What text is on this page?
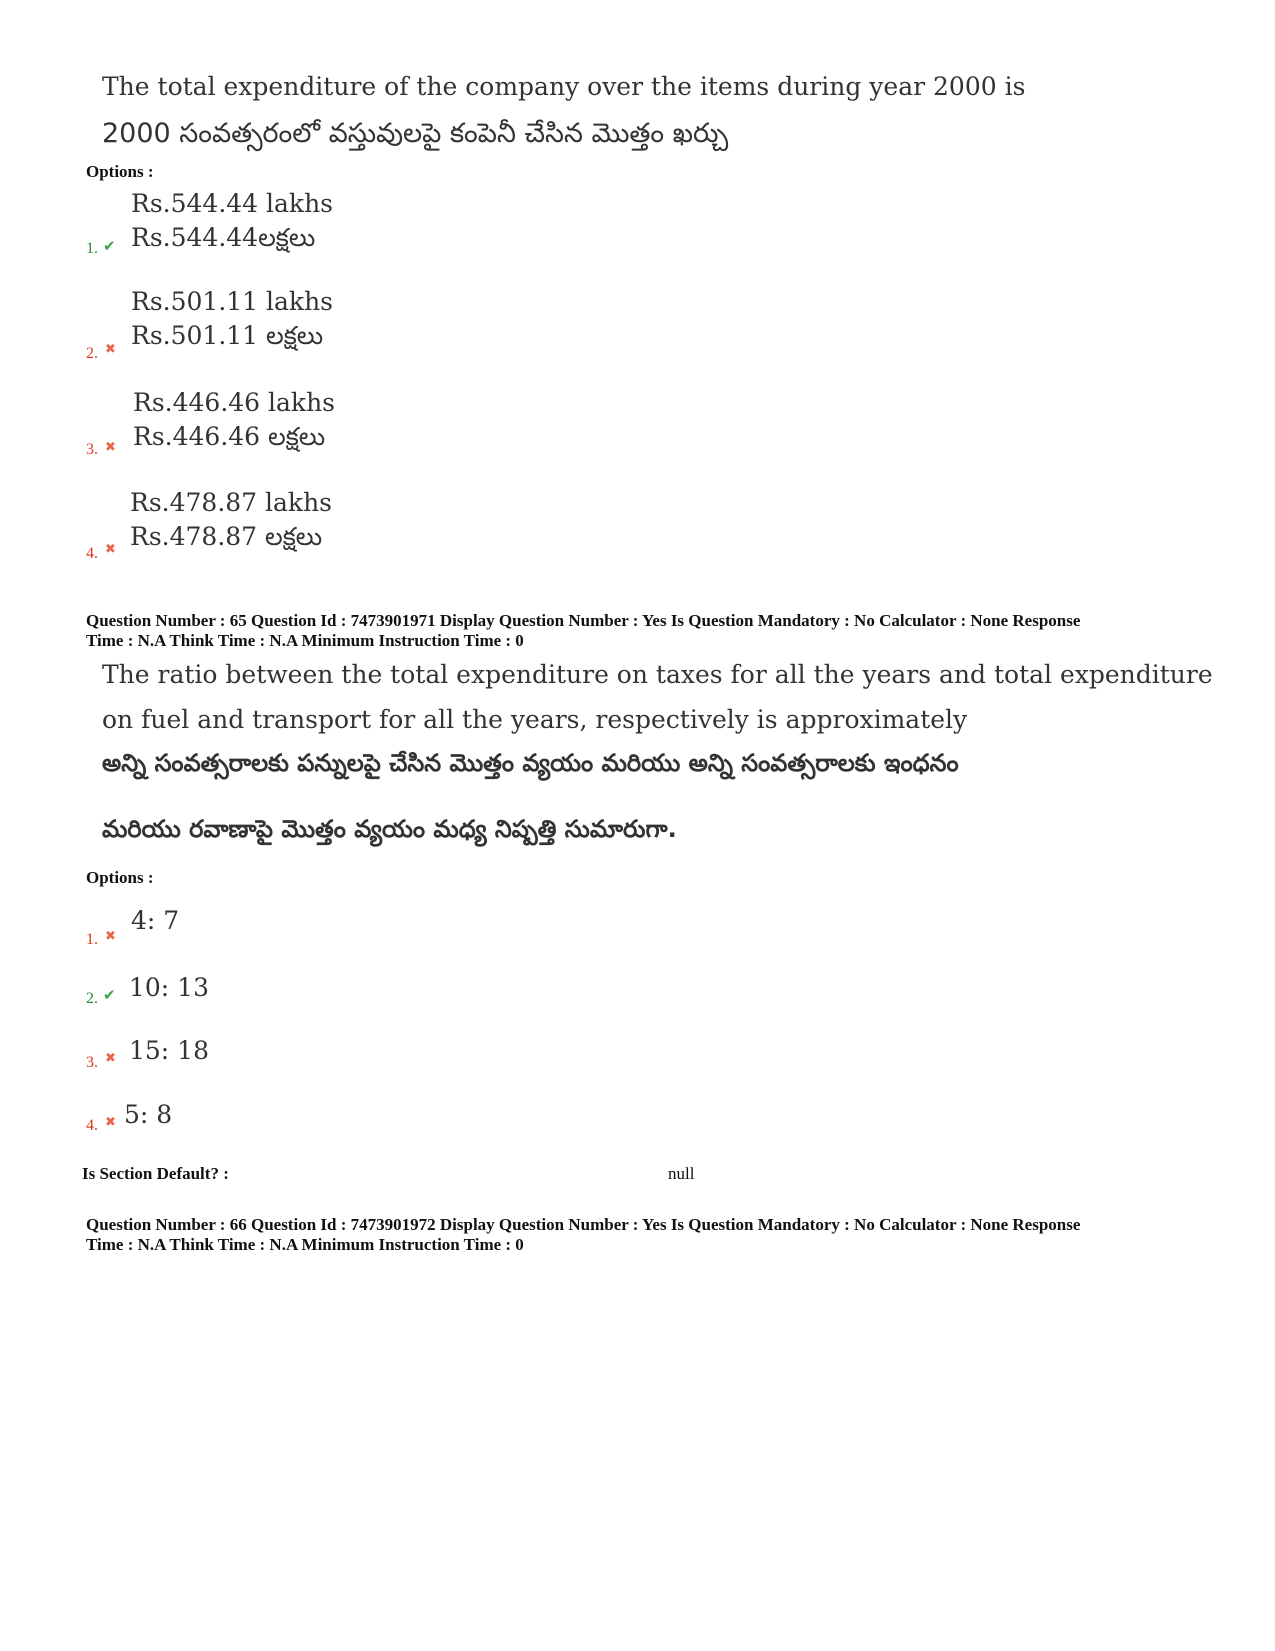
The total expenditure of the company over the items during year 2000 is
2000 సంవత్సరంలో వస్తువులపై కంపెనీ చేసిన మొత్తం ఖర్చు
Options :
Rs.544.44 lakhs
1. ✔ Rs.544.44లక్షలు
Rs.501.11 lakhs
2. ✖ Rs.501.11 లక్షలు
Rs.446.46 lakhs
3. ✖ Rs.446.46 లక్షలు
Rs.478.87 lakhs
4. ✖ Rs.478.87 లక్షలు
Question Number : 65 Question Id : 7473901971 Display Question Number : Yes Is Question Mandatory : No Calculator : None Response
Time : N.A Think Time : N.A Minimum Instruction Time : 0
The ratio between the total expenditure on taxes for all the years and total expenditure
on fuel and transport for all the years, respectively is approximately
అన్ని సంవత్సరాలకు పన్నులపై చేసిన మొత్తం వ్యయం మరియు అన్ని సంవత్సరాలకు ఇంధనం
మరియు రవాణాపై మొత్తం వ్యయం మధ్య నిష్పత్తి సుమారుగా.
Options :
1. ✖
4: 7
2. ✔ 10: 13
3. ✖ 15: 18
4. ✖ 5: 8
Is Section Default? :	null
Question Number : 66 Question Id : 7473901972 Display Question Number : Yes Is Question Mandatory : No Calculator : None Response
Time : N.A Think Time : N.A Minimum Instruction Time : 0
